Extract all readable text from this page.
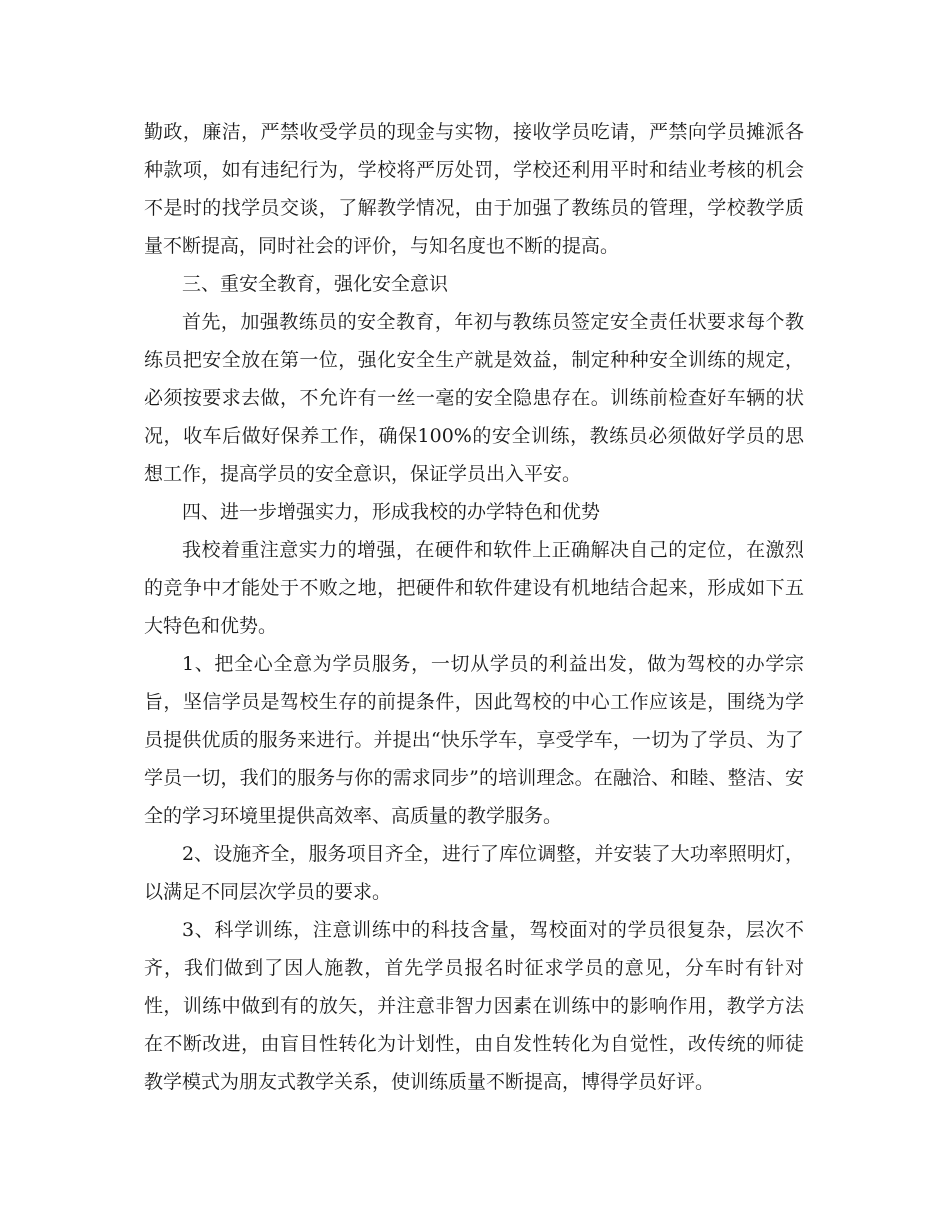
勤政，廉洁，严禁收受学员的现金与实物，接收学员吃请，严禁向学员摊派各种款项，如有违纪行为，学校将严厉处罚，学校还利用平时和结业考核的机会不是时的找学员交谈，了解教学情况，由于加强了教练员的管理，学校教学质量不断提高，同时社会的评价，与知名度也不断的提高。

三、重安全教育，强化安全意识

首先，加强教练员的安全教育，年初与教练员签定安全责任状要求每个教练员把安全放在第一位，强化安全生产就是效益，制定种种安全训练的规定，必须按要求去做，不允许有一丝一毫的安全隐患存在。训练前检查好车辆的状况，收车后做好保养工作，确保100%的安全训练，教练员必须做好学员的思想工作，提高学员的安全意识，保证学员出入平安。

四、进一步增强实力，形成我校的办学特色和优势

我校着重注意实力的增强，在硬件和软件上正确解决自己的定位，在激烈的竞争中才能处于不败之地，把硬件和软件建设有机地结合起来，形成如下五大特色和优势。

1、把全心全意为学员服务，一切从学员的利益出发，做为驾校的办学宗旨，坚信学员是驾校生存的前提条件，因此驾校的中心工作应该是，围绕为学员提供优质的服务来进行。并提出“快乐学车，享受学车，一切为了学员、为了学员一切，我们的服务与你的需求同步”的培训理念。在融洽、和睦、整洁、安全的学习环境里提供高效率、高质量的教学服务。

2、设施齐全，服务项目齐全，进行了库位调整，并安装了大功率照明灯，以满足不同层次学员的要求。

3、科学训练，注意训练中的科技含量，驾校面对的学员很复杂，层次不齐，我们做到了因人施教，首先学员报名时征求学员的意见，分车时有针对性，训练中做到有的放矢，并注意非智力因素在训练中的影响作用，教学方法在不断改进，由盲目性转化为计划性，由自发性转化为自觉性，改传统的师徒教学模式为朋友式教学关系，使训练质量不断提高，博得学员好评。
